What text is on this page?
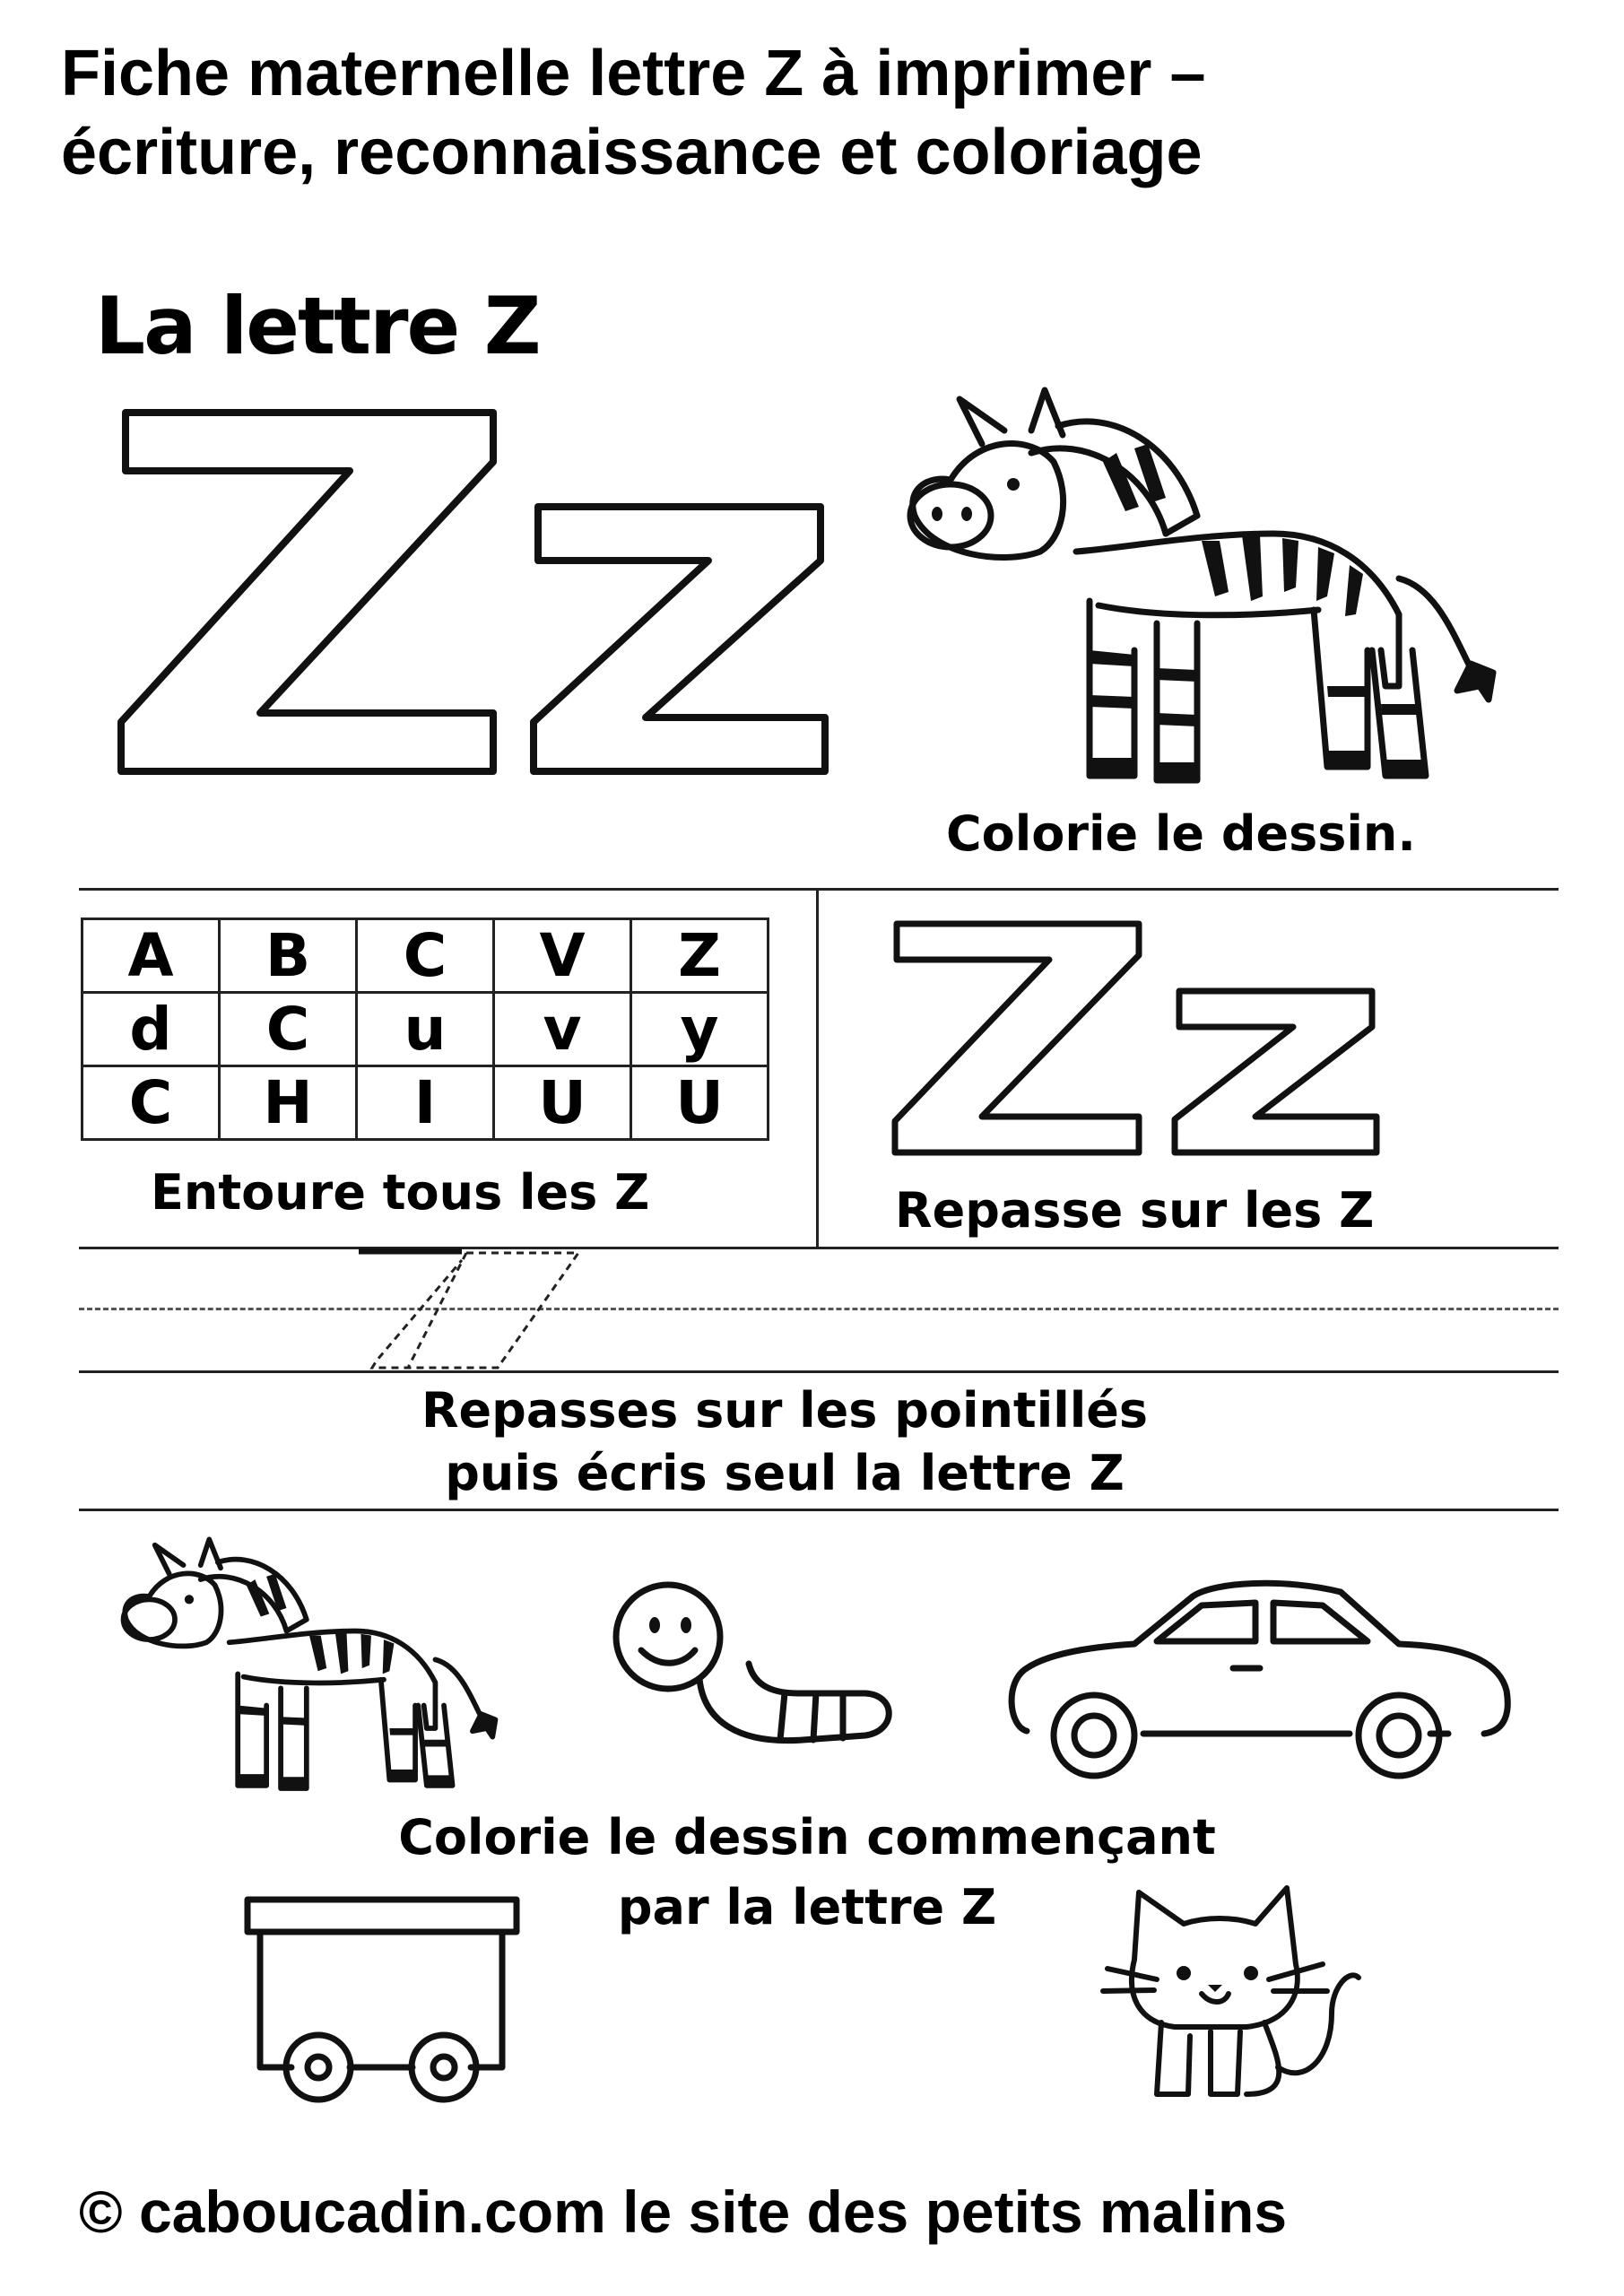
Fiche maternelle lettre Z à imprimer –
écriture, reconnaissance et coloriage
La lettre Z
Colorie le dessin.
A	B	C	V	Z
d	C	u	v	y
C	H	I	U	U
Entoure tous les Z	Repasse sur les Z
Repasses sur les pointillés
puis écris seul la lettre Z
Colorie le dessin commençant
par la lettre Z
© caboucadin.com le site des petits malins
